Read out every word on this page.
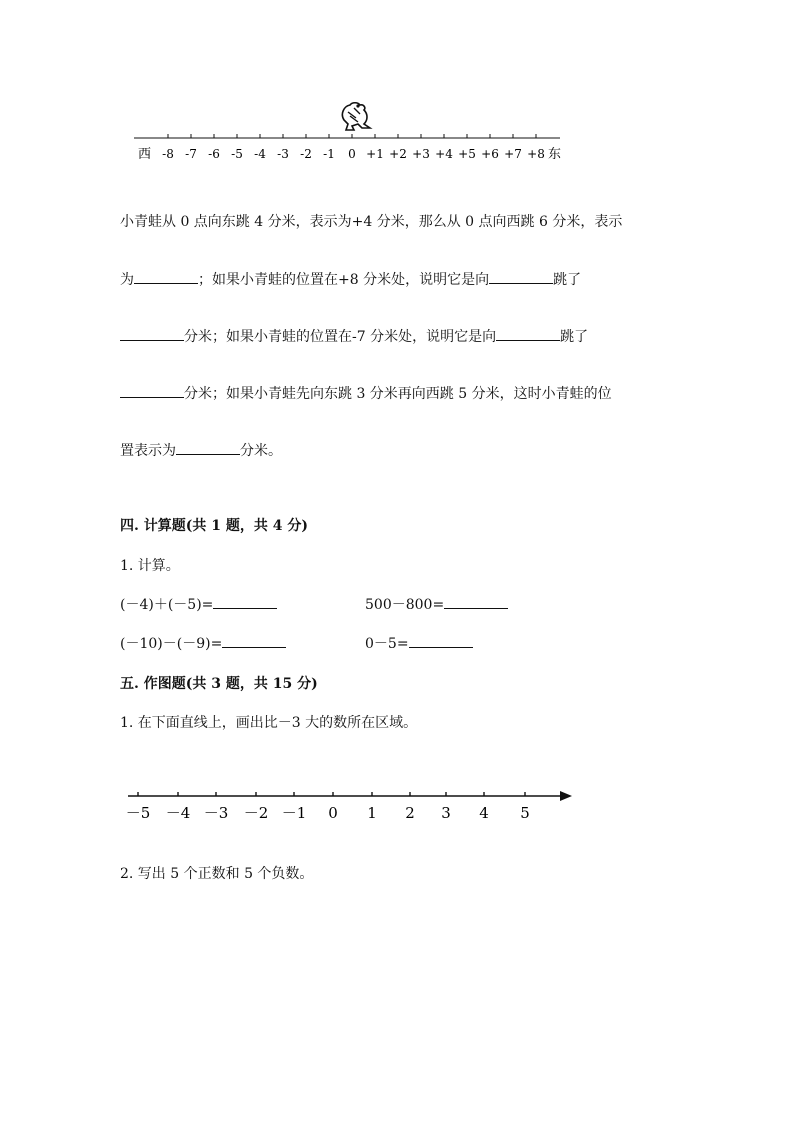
-8 -7 -6 -5 -4 -3 -2 -1 0 +1 +2 +3 +4 +5 +6 +7 +8
西	东
小青蛙从 0 点向东跳 4 分米，表示为+4 分米，那么从 0 点向西跳 6 分米，表示
为	；如果小青蛙的位置在+8 分米处，说明它是向	跳了
分米；如果小青蛙的位置在-7 分米处，说明它是向	跳了
分米；如果小青蛙先向东跳 3 分米再向西跳 5 分米，这时小青蛙的位
置表示为	分米。
四. 计算题(共 1 题，共 4 分)
1. 计算。
(－4)＋(－5)=	500－800=
(－10)－(－9)=	0－5=
五. 作图题(共 3 题，共 15 分)
1. 在下面直线上，画出比－3 大的数所在区域。
－5 －4 －3 －2 －1 0 1 2 3 4 5
2. 写出 5 个正数和 5 个负数。
